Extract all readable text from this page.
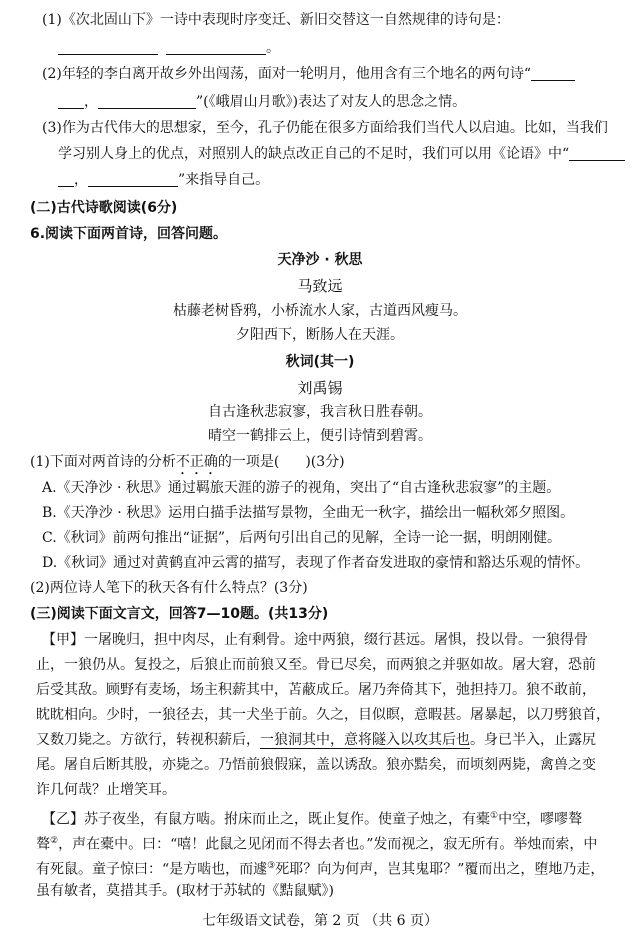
(1)《次北固山下》一诗中表现时序变迁、新旧交替这一自然规律的诗句是：
。
(2)年轻的李白离开故乡外出闯荡，面对一轮明月，他用含有三个地名的两句诗“
，	”(《峨眉山月歌》)表达了对友人的思念之情。
(3)作为古代伟大的思想家，至今，孔子仍能在很多方面给我们当代人以启迪。比如，当我们
学习别人身上的优点，对照别人的缺点改正自己的不足时，我们可以用《论语》中“
，	”来指导自己。
(二)古代诗歌阅读(6分)
6.阅读下面两首诗，回答问题。
天净沙 · 秋思
马致远
枯藤老树昏鸦，小桥流水人家，古道西风瘦马。
夕阳西下，断肠人在天涯。
秋词(其一)
刘禹锡
自古逢秋悲寂寥，我言秋日胜春朝。
晴空一鹤排云上，便引诗情到碧霄。
(1)下面对两首诗的分析不正确的一项是( )(3分)
A.《天净沙 · 秋思》通过羁旅天涯的游子的视角，突出了“自古逢秋悲寂寥”的主题。
B.《天净沙 · 秋思》运用白描手法描写景物，全曲无一秋字，描绘出一幅秋郊夕照图。
C.《秋词》前两句推出“证据”，后两句引出自己的见解，全诗一论一据，明朗刚健。
D.《秋词》通过对黄鹤直冲云霄的描写，表现了作者奋发进取的豪情和豁达乐观的情怀。
(2)两位诗人笔下的秋天各有什么特点？(3分)
(三)阅读下面文言文，回答7—10题。(共13分)
【甲】一屠晚归，担中肉尽，止有剩骨。途中两狼，缀行甚远。屠惧，投以骨。一狼得骨
止，一狼仍从。复投之，后狼止而前狼又至。骨已尽矣，而两狼之并驱如故。屠大窘，恐前
后受其敌。顾野有麦场，场主积薪其中，苫蔽成丘。屠乃奔倚其下，弛担持刀。狼不敢前，
眈眈相向。少时，一狼径去，其一犬坐于前。久之，目似瞑，意暇甚。屠暴起，以刀劈狼首，
又数刀毙之。方欲行，转视积薪后，一狼洞其中，意将隧入以攻其后也。身已半入，止露尻
尾。屠自后断其股，亦毙之。乃悟前狼假寐，盖以诱敌。狼亦黠矣，而顷刻两毙，禽兽之变
诈几何哉？止增笑耳。
【乙】苏子夜坐，有鼠方啮。拊床而止之，既止复作。使童子烛之，有橐①中空，嘐嘐聱
聱②，声在橐中。曰：“嘻！此鼠之见闭而不得去者也。”发而视之，寂无所有。举烛而索，中
有死鼠。童子惊曰：“是方啮也，而遽③死耶？向为何声，岂其鬼耶？”覆而出之，堕地乃走，
虽有敏者，莫措其手。(取材于苏轼的《黠鼠赋》)
七年级语文试卷，第 2 页 （共 6 页）
